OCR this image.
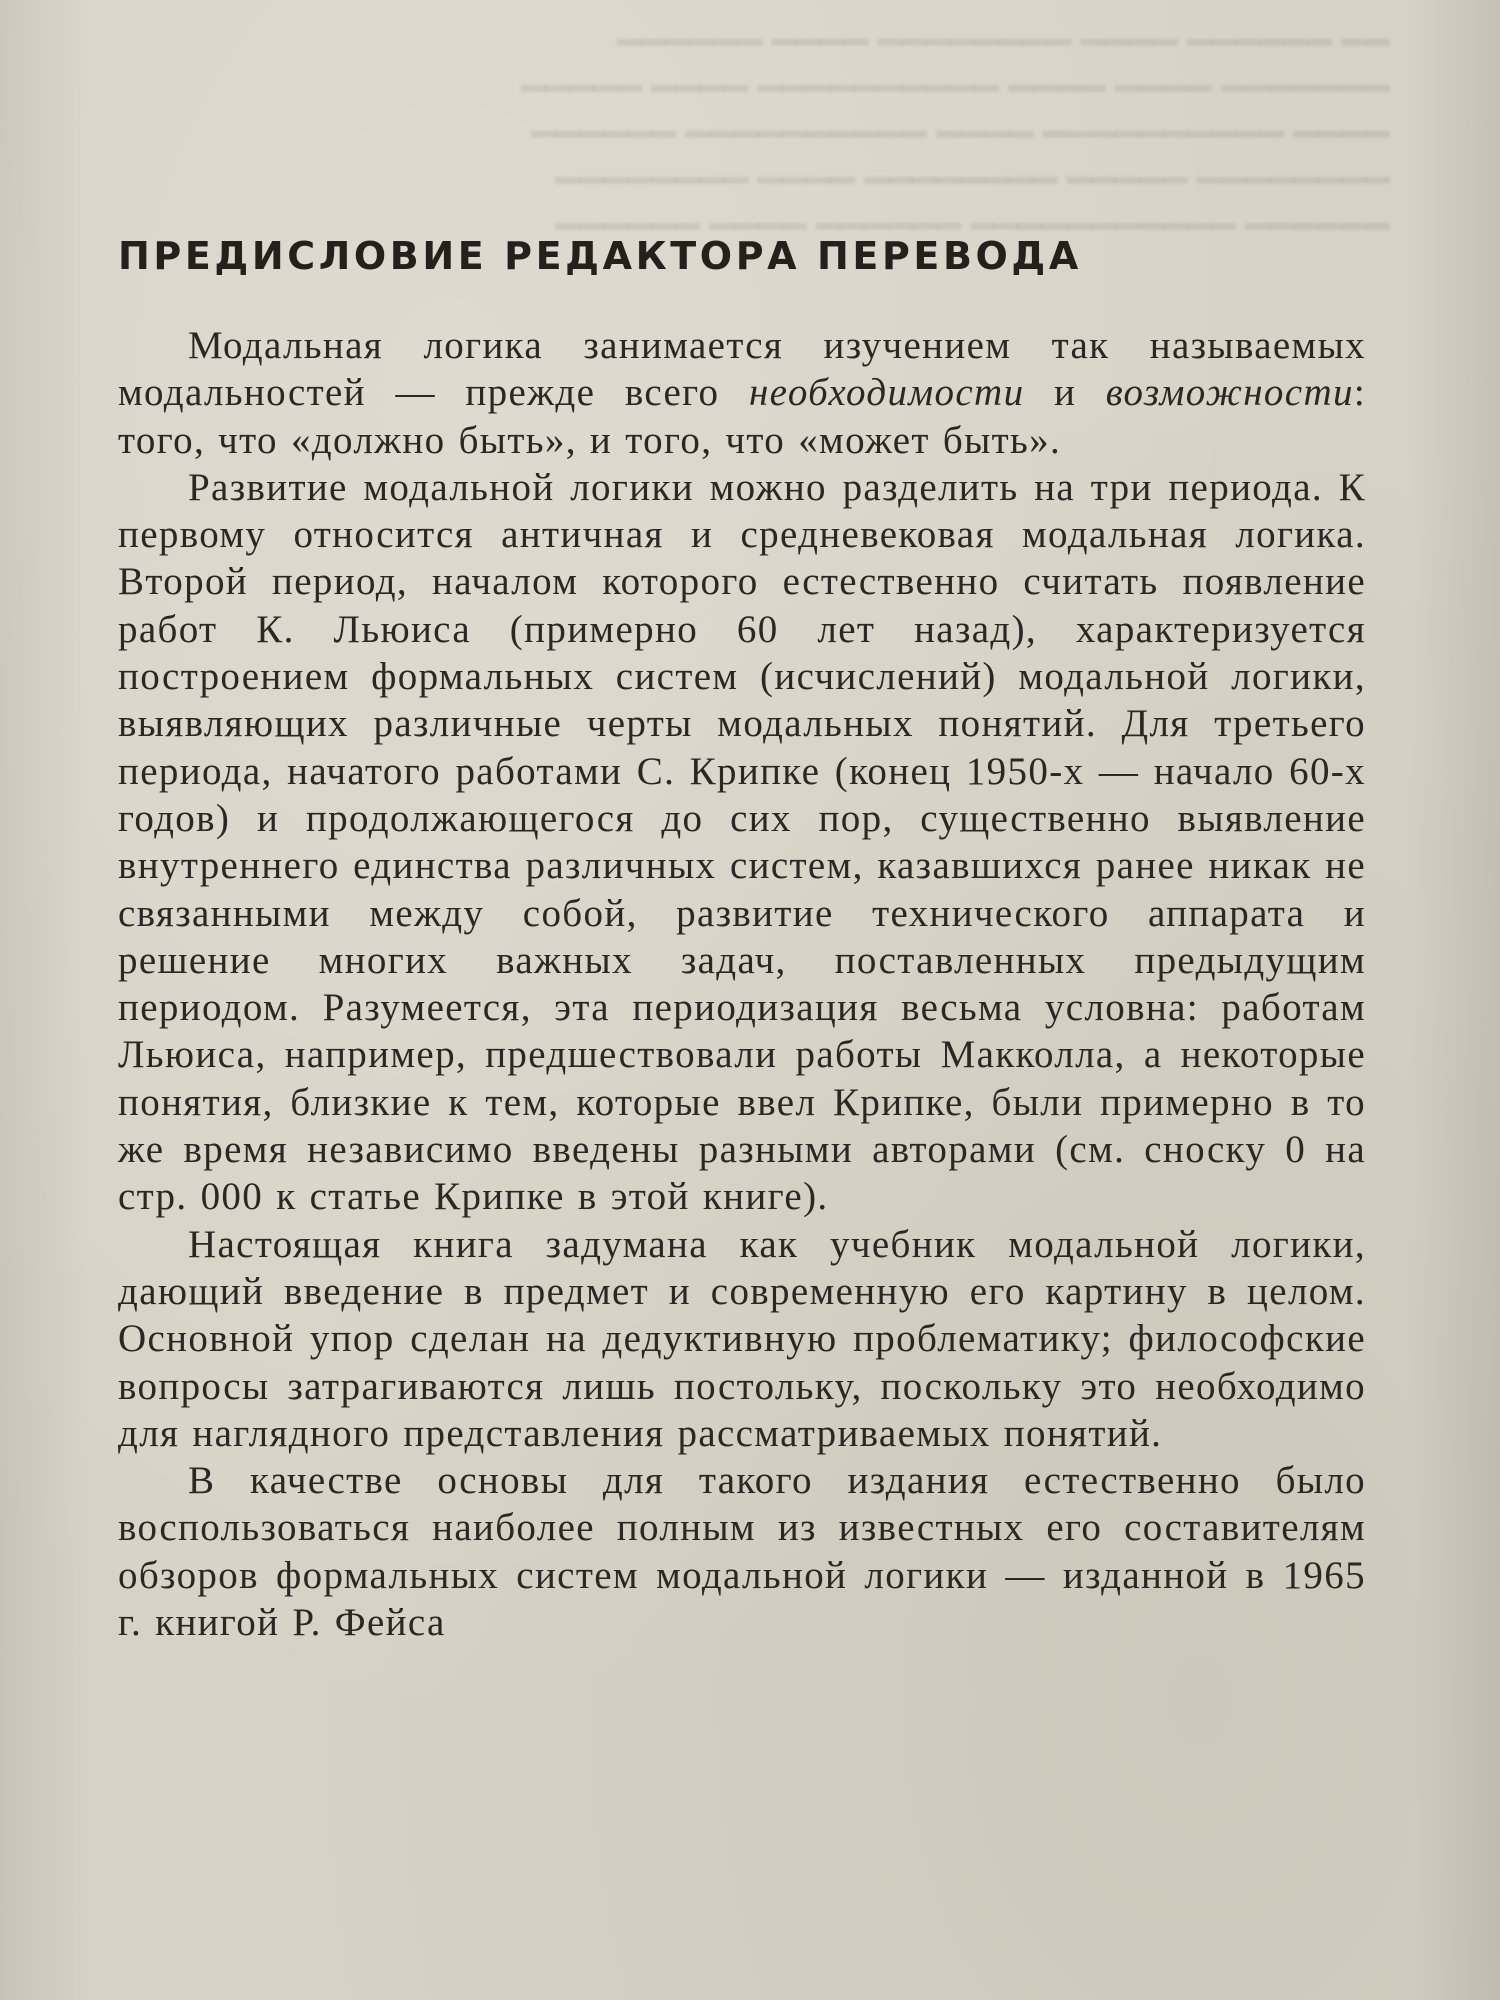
━━ ━━━━━━ ━━━━ ━━━━━━━━ ━━━━ ━━━━━━
━━━━━━━ ━━━━ ━━━━ ━━━━━━━━━━ ━━━━ ━━━━━
━━━━ ━━━━━━━━━━ ━━━━ ━━━━━━━━━━ ━━━━━━
━━━━━━━━ ━━━━━ ━━━━━━━━ ━━━━ ━━━━━━━━
━━━━━━ ━━━━━━━━━━━ ━━━━━━ ━━━━ ━━━━━━
ПРЕДИСЛОВИЕ РЕДАКТОРА ПЕРЕВОДА

Модальная логика занимается изучением так называемых модальностей — прежде всего необходимости и возможности: того, что «должно быть», и того, что «может быть».

Развитие модальной логики можно разделить на три периода. К первому относится античная и средневековая модальная логика. Второй период, началом которого естественно считать появление работ К. Льюиса (примерно 60 лет назад), характеризуется построением формальных систем (исчислений) модальной логики, выявляющих различные черты модальных понятий. Для третьего периода, начатого работами С. Крипке (конец 1950-х — начало 60-х годов) и продолжающегося до сих пор, существенно выявление внутреннего единства различных систем, казавшихся ранее никак не связанными между собой, развитие технического аппарата и решение многих важных задач, поставленных предыдущим периодом. Разумеется, эта периодизация весьма условна: работам Льюиса, например, предшествовали работы Макколла, а некоторые понятия, близкие к тем, которые ввел Крипке, были примерно в то же время независимо введены разными авторами (см. сноску 0 на стр. 000 к статье Крипке в этой книге).

Настоящая книга задумана как учебник модальной логики, дающий введение в предмет и современную его картину в целом. Основной упор сделан на дедуктивную проблематику; философские вопросы затрагиваются лишь постольку, поскольку это необходимо для наглядного представления рассматриваемых понятий.

В качестве основы для такого издания естественно было воспользоваться наиболее полным из известных его составителям обзоров формальных систем модальной логики — изданной в 1965 г. книгой Р. Фейса
